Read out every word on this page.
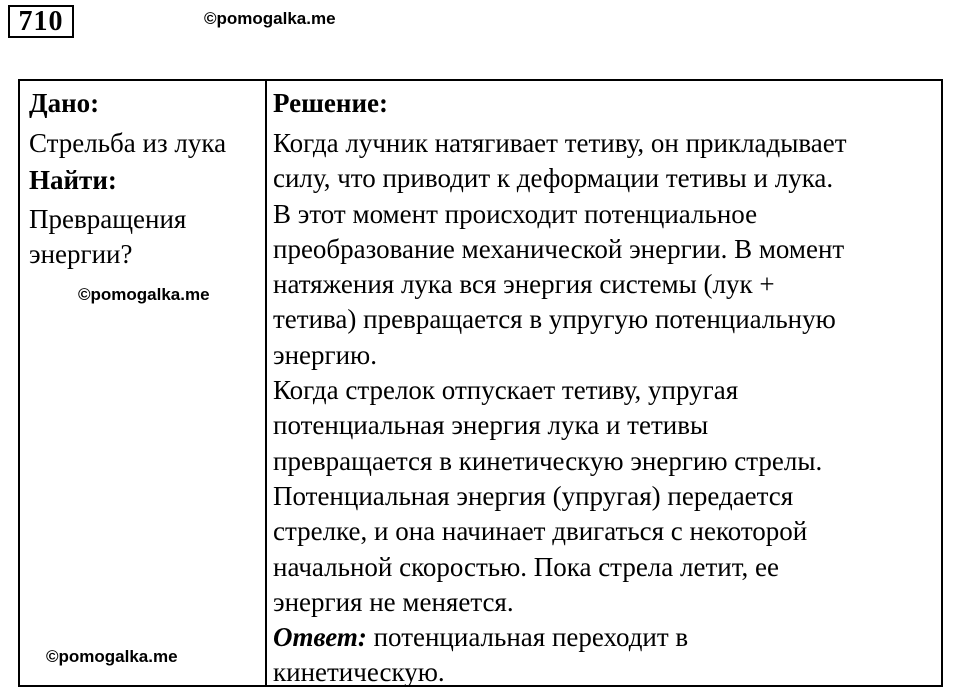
710	©pomogalka.me
Дано:
Стрельба из лука
Найти:
Превращения
энергии?
Решение:
Когда лучник натягивает тетиву, он прикладывает
силу, что приводит к деформации тетивы и лука.
В этот момент происходит потенциальное
преобразование механической энергии. В момент
натяжения лука вся энергия системы (лук +
тетива) превращается в упругую потенциальную
энергию.
Когда стрелок отпускает тетиву, упругая
потенциальная энергия лука и тетивы
превращается в кинетическую энергию стрелы.
Потенциальная энергия (упругая) передается
стрелке, и она начинает двигаться с некоторой
начальной скоростью. Пока стрела летит, ее
энергия не меняется.
Ответ: потенциальная переходит в
кинетическую.
©pomogalka.me
©pomogalka.me
